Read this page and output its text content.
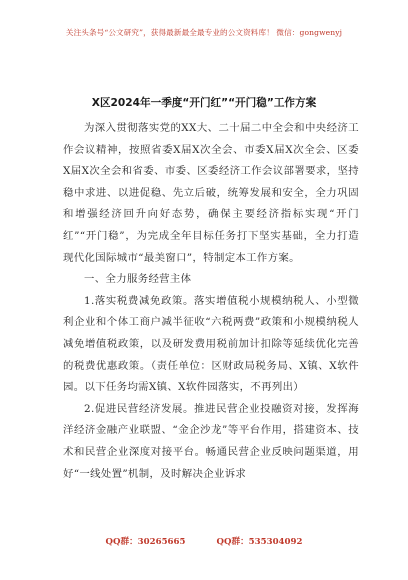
关注头条号“公文研究”，获得最新最全最专业的公文资料库！ 微信：gongwenyj
X区2024年一季度“开门红”“开门稳”工作方案

为深入贯彻落实党的XX大、二十届二中全会和中央经济工作会议精神，按照省委X届X次全会、市委X届X次全会、区委X届X次全会和省委、市委、区委经济工作会议部署要求，坚持稳中求进、以进促稳、先立后破，统筹发展和安全，全力巩固和增强经济回升向好态势，确保主要经济指标实现“开门红”“开门稳”，为完成全年目标任务打下坚实基础，全力打造现代化国际城市“最美窗口”，特制定本工作方案。

一、全力服务经营主体

1.落实税费减免政策。落实增值税小规模纳税人、小型微利企业和个体工商户减半征收“六税两费”政策和小规模纳税人减免增值税政策，以及研发费用税前加计扣除等延续优化完善的税费优惠政策。（责任单位：区财政局税务局、X镇、X软件园。以下任务均需X镇、X软件园落实，不再列出）

2.促进民营经济发展。推进民营企业投融资对接，发挥海洋经济金融产业联盟、“金企沙龙”等平台作用，搭建资本、技术和民营企业深度对接平台。畅通民营企业反映问题渠道，用好“一线处置”机制，及时解决企业诉求

QQ群：30265665	QQ群：535304092
